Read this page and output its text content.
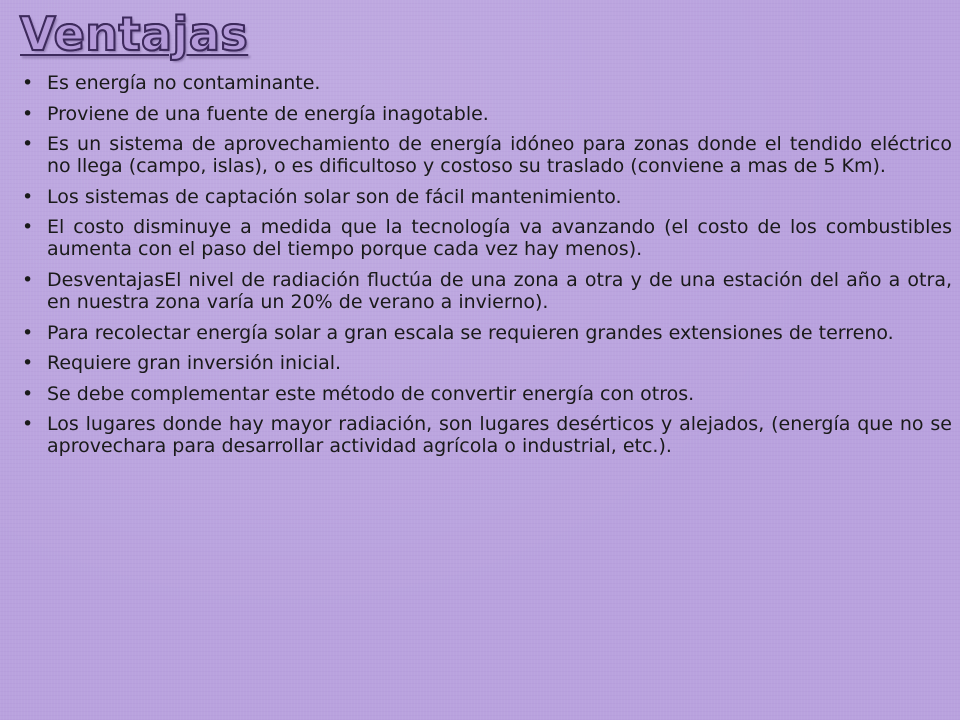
Ventajas
• Es energía no contaminante.
• Proviene de una fuente de energía inagotable.
• Es un sistema de aprovechamiento de energía idóneo para zonas donde el tendido eléctrico no llega (campo, islas), o es dificultoso y costoso su traslado (conviene a mas de 5 Km).
• Los sistemas de captación solar son de fácil mantenimiento.
• El costo disminuye a medida que la tecnología va avanzando (el costo de los combustibles aumenta con el paso del tiempo porque cada vez hay menos).
• DesventajasEl nivel de radiación fluctúa de una zona a otra y de una estación del año a otra, en nuestra zona varía un 20% de verano a invierno).
• Para recolectar energía solar a gran escala se requieren grandes extensiones de terreno.
• Requiere gran inversión inicial.
• Se debe complementar este método de convertir energía con otros.
• Los lugares donde hay mayor radiación, son lugares desérticos y alejados, (energía que no se aprovechara para desarrollar actividad agrícola o industrial, etc.).
